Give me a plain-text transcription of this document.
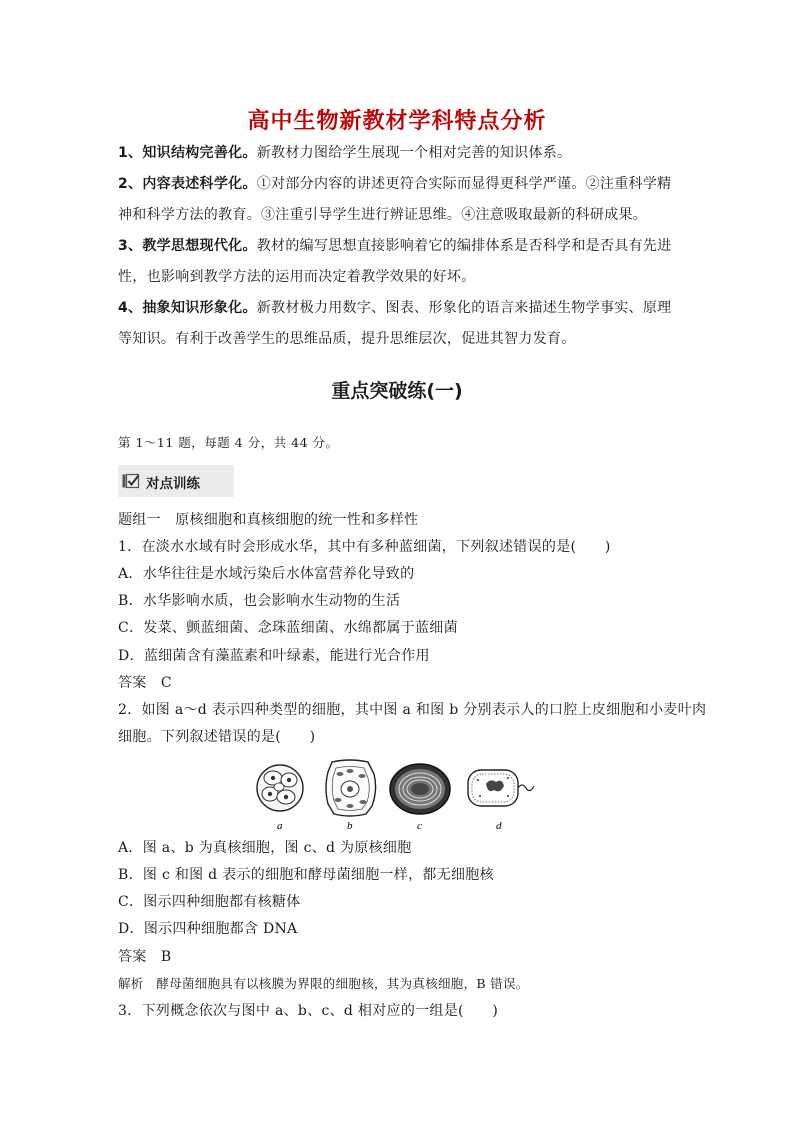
高中生物新教材学科特点分析
1、知识结构完善化。新教材力图给学生展现一个相对完善的知识体系。
2、内容表述科学化。①对部分内容的讲述更符合实际而显得更科学严谨。②注重科学精神和科学方法的教育。③注重引导学生进行辨证思维。④注意吸取最新的科研成果。
3、教学思想现代化。教材的编写思想直接影响着它的编排体系是否科学和是否具有先进性，也影响到教学方法的运用而决定着教学效果的好坏。
4、抽象知识形象化。新教材极力用数字、图表、形象化的语言来描述生物学事实、原理等知识。有利于改善学生的思维品质，提升思维层次，促进其智力发育。
重点突破练(一)
第 1～11 题，每题 4 分，共 44 分。
对点训练
题组一　原核细胞和真核细胞的统一性和多样性
1．在淡水水域有时会形成水华，其中有多种蓝细菌，下列叙述错误的是(　　)
A．水华往往是水域污染后水体富营养化导致的
B．水华影响水质，也会影响水生动物的生活
C．发菜、颤蓝细菌、念珠蓝细菌、水绵都属于蓝细菌
D．蓝细菌含有藻蓝素和叶绿素，能进行光合作用
答案　C
2．如图 a～d 表示四种类型的细胞，其中图 a 和图 b 分别表示人的口腔上皮细胞和小麦叶肉
细胞。下列叙述错误的是(　　)
a	b	c	d
A．图 a、b 为真核细胞，图 c、d 为原核细胞
B．图 c 和图 d 表示的细胞和酵母菌细胞一样，都无细胞核
C．图示四种细胞都有核糖体
D．图示四种细胞都含 DNA
答案　B
解析　酵母菌细胞具有以核膜为界限的细胞核，其为真核细胞，B 错误。
3．下列概念依次与图中 a、b、c、d 相对应的一组是(　　)
